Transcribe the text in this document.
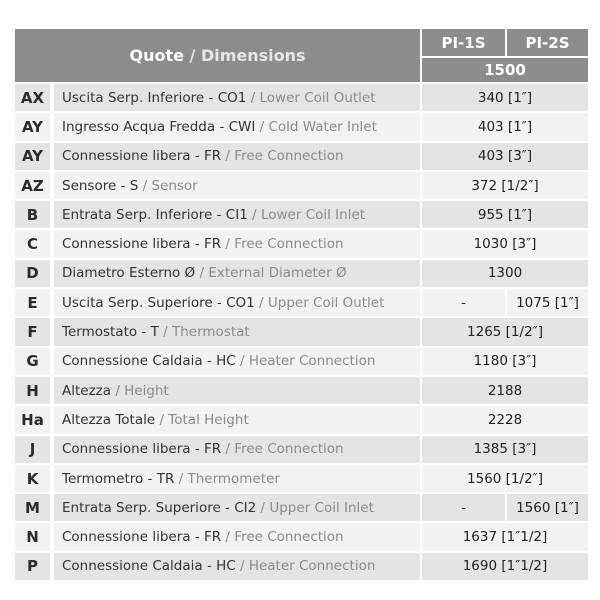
Quote / Dimensions
PI-1S	PI-2S
1500
AX	Uscita Serp. Inferiore - CO1 / Lower Coil Outlet	340 [1″]
AY	Ingresso Acqua Fredda - CWI / Cold Water Inlet	403 [1″]
AY	Connessione libera - FR / Free Connection	403 [3″]
AZ	Sensore - S / Sensor	372 [1/2″]
B	Entrata Serp. Inferiore - CI1 / Lower Coil Inlet	955 [1″]
C	Connessione libera - FR / Free Connection	1030 [3″]
D	Diametro Esterno Ø / External Diameter Ø	1300
E	Uscita Serp. Superiore - CO1 / Upper Coil Outlet	-	1075 [1″]
F	Termostato - T / Thermostat	1265 [1/2″]
G	Connessione Caldaia - HC / Heater Connection	1180 [3″]
H	Altezza / Height	2188
Ha	Altezza Totale / Total Height	2228
J	Connessione libera - FR / Free Connection	1385 [3″]
K	Termometro - TR / Thermometer	1560 [1/2″]
M	Entrata Serp. Superiore - CI2 / Upper Coil Inlet	-	1560 [1″]
N	Connessione libera - FR / Free Connection	1637 [1″1/2]
P	Connessione Caldaia - HC / Heater Connection	1690 [1″1/2]
